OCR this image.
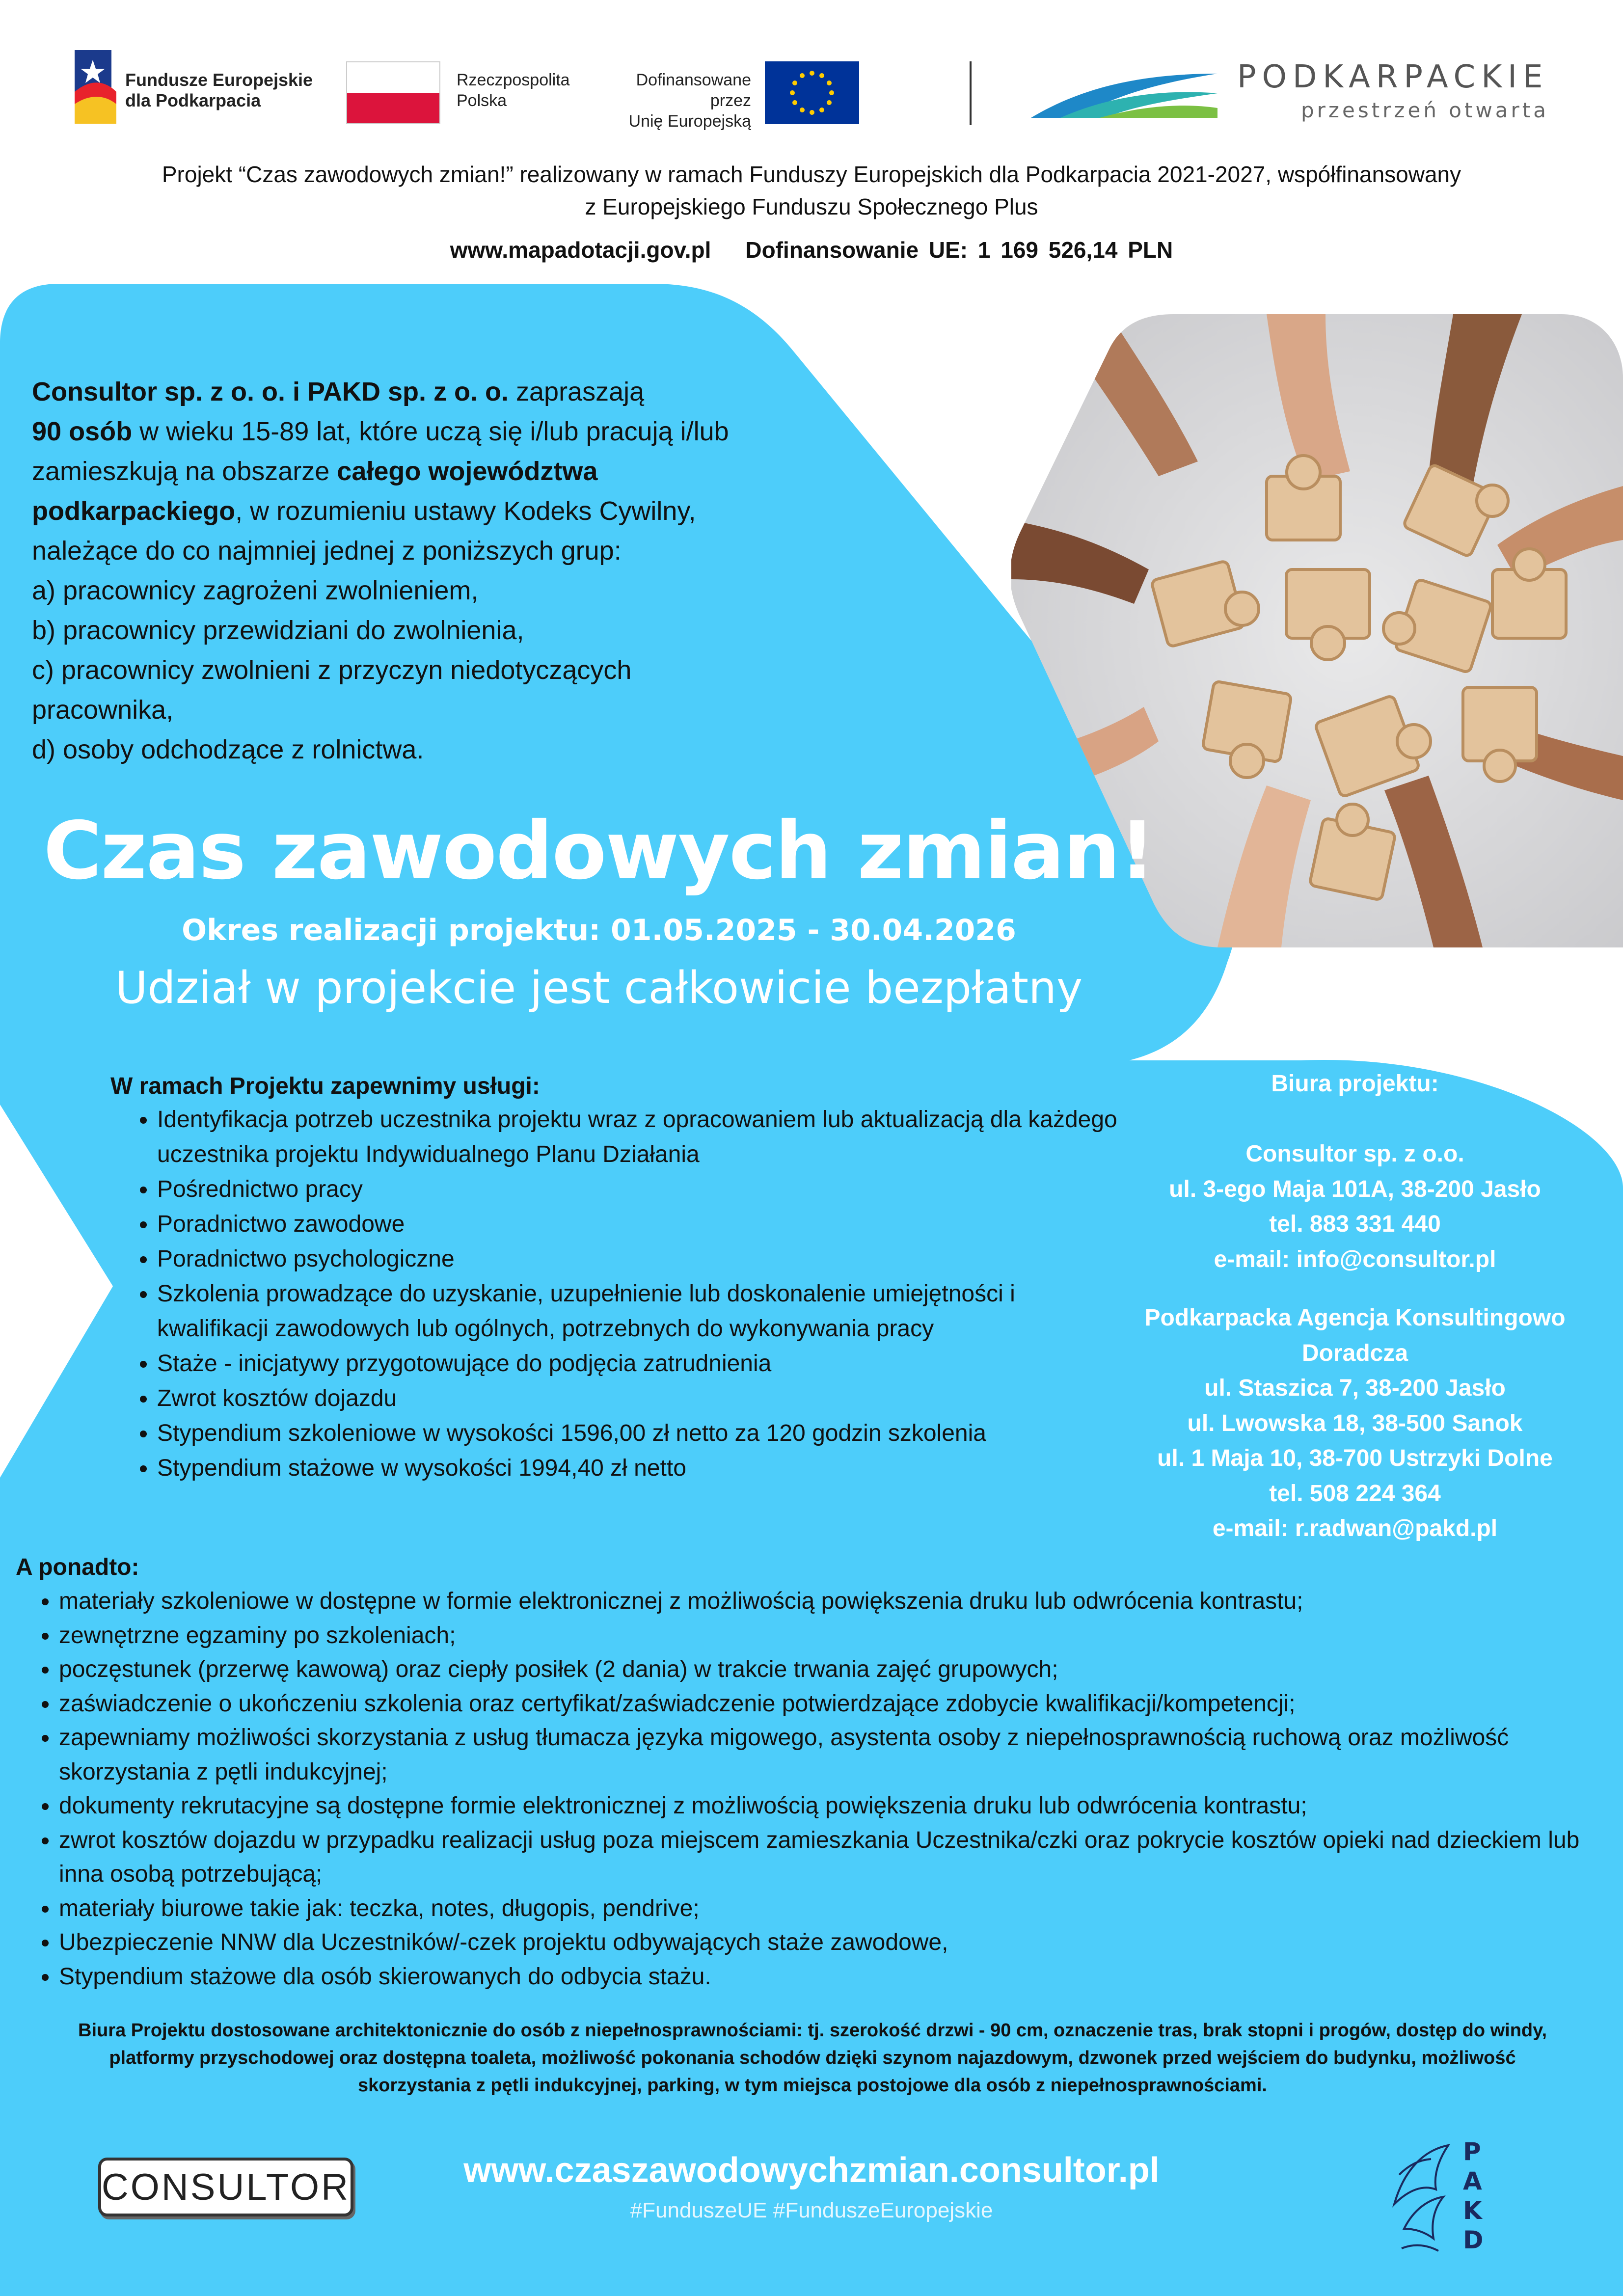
Fundusze Europejskie
dla Podkarpacia
Rzeczpospolita
Polska
Dofinansowane przez
Unię Europejską
PODKARPACKIE
przestrzeń otwarta
Projekt “Czas zawodowych zmian!” realizowany w ramach Funduszy Europejskich dla Podkarpacia 2021-2027, współfinansowany
z Europejskiego Funduszu Społecznego Plus
www.mapadotacji.gov.pl Dofinansowanie UE: 1 169 526,14 PLN
Consultor sp. z o. o. i PAKD sp. z o. o. zapraszają
90 osób w wieku 15-89 lat, które uczą się i/lub pracują i/lub
zamieszkują na obszarze całego województwa
podkarpackiego, w rozumieniu ustawy Kodeks Cywilny,
należące do co najmniej jednej z poniższych grup:
a) pracownicy zagrożeni zwolnieniem,
b) pracownicy przewidziani do zwolnienia,
c) pracownicy zwolnieni z przyczyn niedotyczących
pracownika,
d) osoby odchodzące z rolnictwa.
Czas zawodowych zmian!
Okres realizacji projektu: 01.05.2025 - 30.04.2026
Udział w projekcie jest całkowicie bezpłatny
W ramach Projektu zapewnimy usługi:
• Identyfikacja potrzeb uczestnika projektu wraz z opracowaniem lub aktualizacją dla każdego uczestnika projektu Indywidualnego Planu Działania
• Pośrednictwo pracy
• Poradnictwo zawodowe
• Poradnictwo psychologiczne
• Szkolenia prowadzące do uzyskanie, uzupełnienie lub doskonalenie umiejętności i kwalifikacji zawodowych lub ogólnych, potrzebnych do wykonywania pracy
• Staże - inicjatywy przygotowujące do podjęcia zatrudnienia
• Zwrot kosztów dojazdu
• Stypendium szkoleniowe w wysokości 1596,00 zł netto za 120 godzin szkolenia
• Stypendium stażowe w wysokości 1994,40 zł netto
Biura projektu:
Consultor sp. z o.o.
ul. 3-ego Maja 101A, 38-200 Jasło
tel. 883 331 440
e-mail: info@consultor.pl
Podkarpacka Agencja Konsultingowo
Doradcza
ul. Staszica 7, 38-200 Jasło
ul. Lwowska 18, 38-500 Sanok
ul. 1 Maja 10, 38-700 Ustrzyki Dolne
tel. 508 224 364
e-mail: r.radwan@pakd.pl
A ponadto:
• materiały szkoleniowe w dostępne w formie elektronicznej z możliwością powiększenia druku lub odwrócenia kontrastu;
• zewnętrzne egzaminy po szkoleniach;
• poczęstunek (przerwę kawową) oraz ciepły posiłek (2 dania) w trakcie trwania zajęć grupowych;
• zaświadczenie o ukończeniu szkolenia oraz certyfikat/zaświadczenie potwierdzające zdobycie kwalifikacji/kompetencji;
• zapewniamy możliwości skorzystania z usług tłumacza języka migowego, asystenta osoby z niepełnosprawnością ruchową oraz możliwość skorzystania z pętli indukcyjnej;
• dokumenty rekrutacyjne są dostępne formie elektronicznej z możliwością powiększenia druku lub odwrócenia kontrastu;
• zwrot kosztów dojazdu w przypadku realizacji usług poza miejscem zamieszkania Uczestnika/czki oraz pokrycie kosztów opieki nad dzieckiem lub inna osobą potrzebującą;
• materiały biurowe takie jak: teczka, notes, długopis, pendrive;
• Ubezpieczenie NNW dla Uczestników/-czek projektu odbywających staże zawodowe,
• Stypendium stażowe dla osób skierowanych do odbycia stażu.
Biura Projektu dostosowane architektonicznie do osób z niepełnosprawnościami: tj. szerokość drzwi - 90 cm, oznaczenie tras, brak stopni i progów, dostęp do windy, platformy przyschodowej oraz dostępna toaleta, możliwość pokonania schodów dzięki szynom najazdowym, dzwonek przed wejściem do budynku, możliwość skorzystania z pętli indukcyjnej, parking, w tym miejsca postojowe dla osób z niepełnosprawnościami.
CONSULTOR	www.czaszawodowychzmian.consultor.pl
#FunduszeUE #FunduszeEuropejskie
P
A
K
D
